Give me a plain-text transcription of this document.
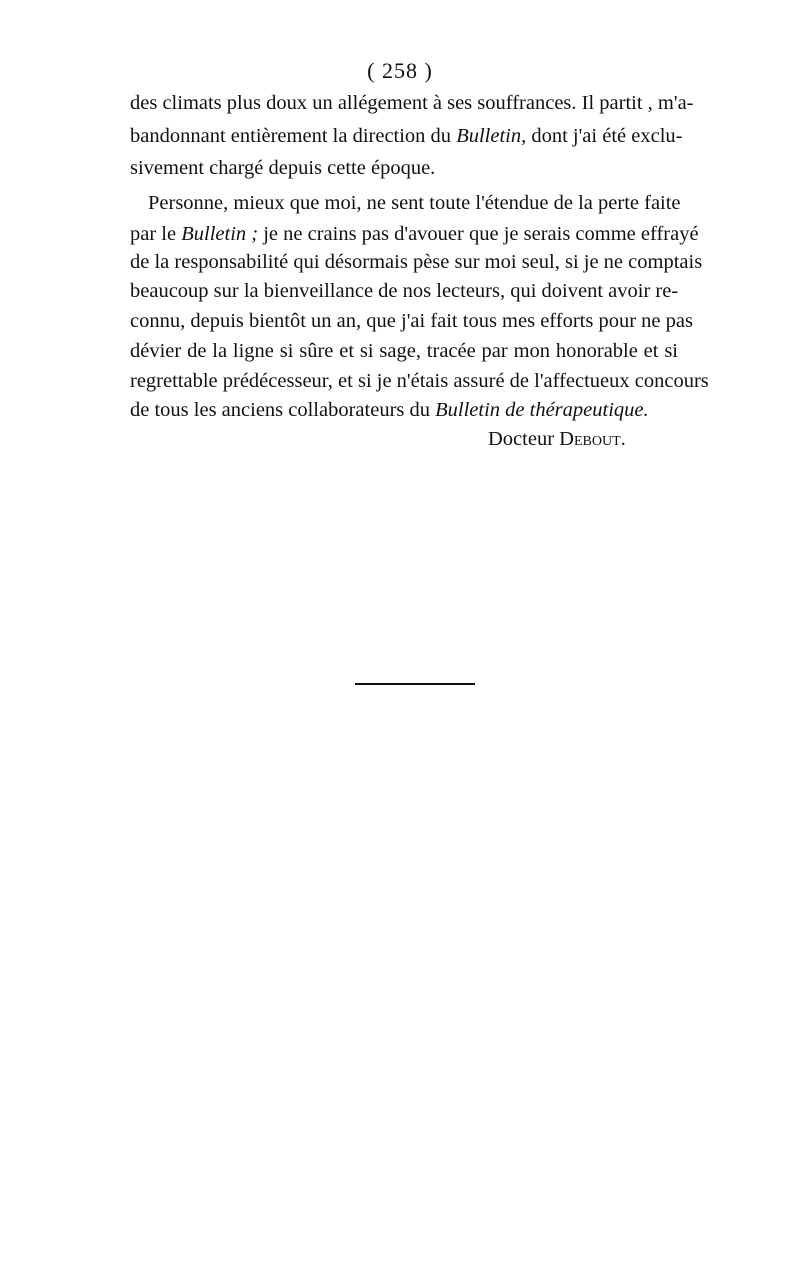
( 258 )
des climats plus doux un allégement à ses souffrances. Il partit , m'a-
bandonnant entièrement la direction du Bulletin, dont j'ai été exclu-
sivement chargé depuis cette époque.
Personne, mieux que moi, ne sent toute l'étendue de la perte faite
par le Bulletin ; je ne crains pas d'avouer que je serais comme effrayé
de la responsabilité qui désormais pèse sur moi seul, si je ne comptais
beaucoup sur la bienveillance de nos lecteurs, qui doivent avoir re-
connu, depuis bientôt un an, que j'ai fait tous mes efforts pour ne pas
dévier de la ligne si sûre et si sage, tracée par mon honorable et si
regrettable prédécesseur, et si je n'étais assuré de l'affectueux concours
de tous les anciens collaborateurs du Bulletin de thérapeutique.
Docteur Debout.
